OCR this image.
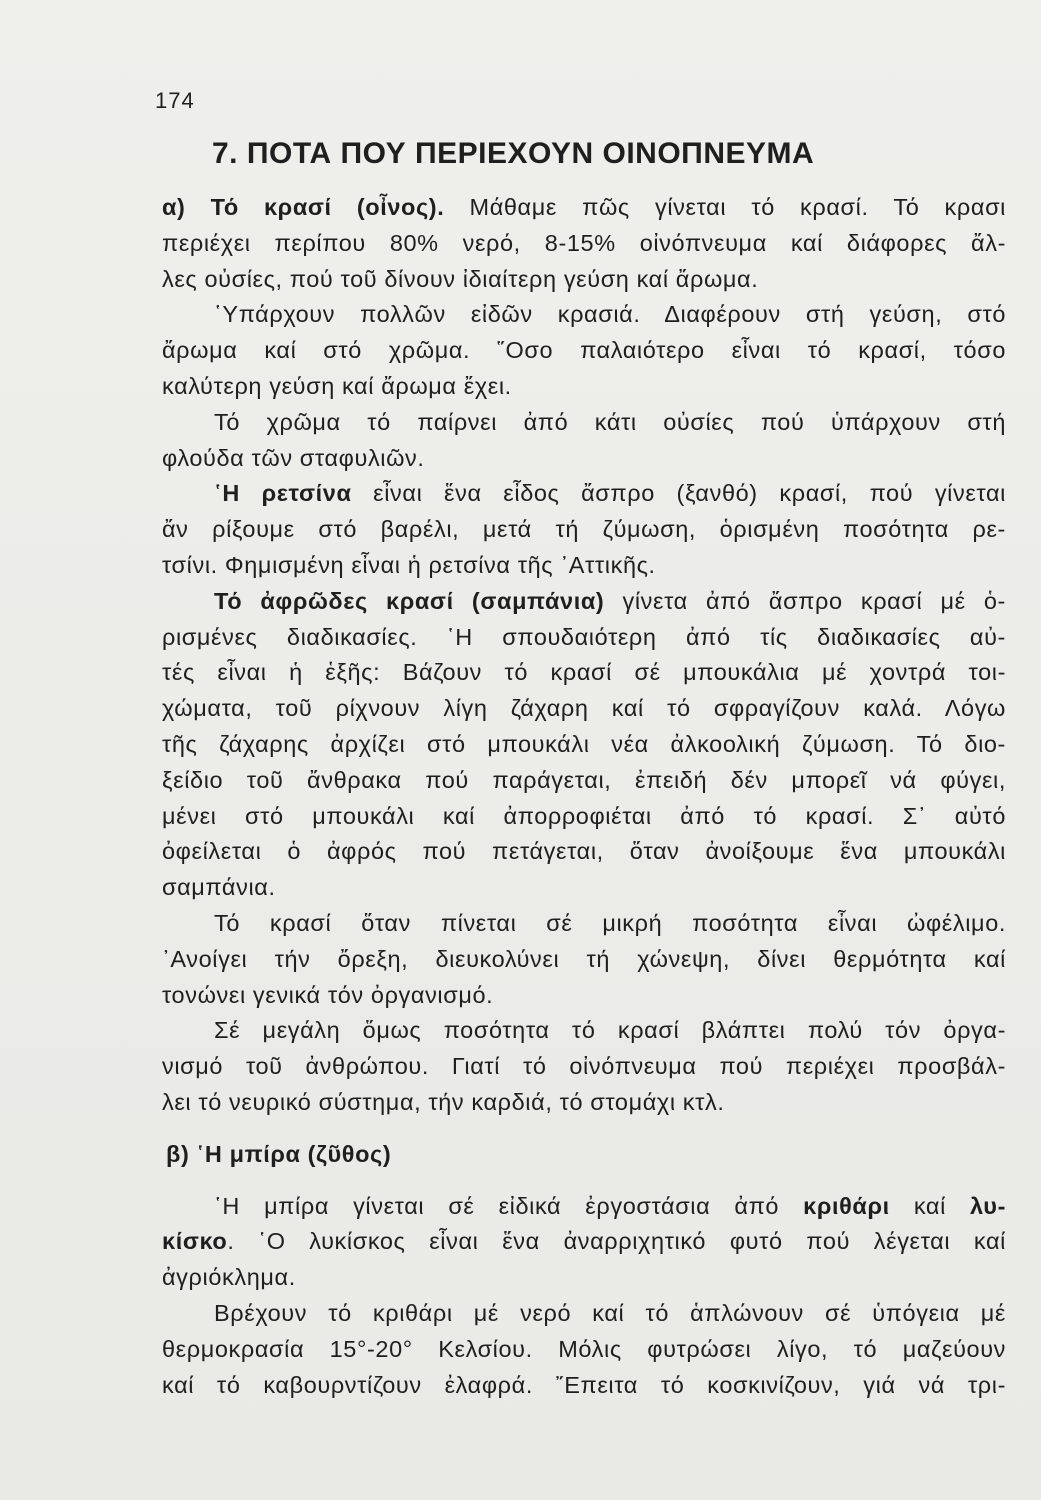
174
7. ΠΟΤΑ ΠΟΥ ΠΕΡΙΕΧΟΥΝ ΟΙΝΟΠΝΕΥΜΑ
α) Τό κρασί (οἶνος). Μάθαμε πῶς γίνεται τό κρασί. Τό κρασι
περιέχει περίπου 80% νερό, 8-15% οἰνόπνευμα καί διάφορες ἄλ-
λες οὐσίες, πού τοῦ δίνουν ἰδιαίτερη γεύση καί ἄρωμα.
῾Υπάρχουν πολλῶν εἰδῶν κρασιά. Διαφέρουν στή γεύση, στό
ἄρωμα καί στό χρῶμα. ῞Οσο παλαιότερο εἶναι τό κρασί, τόσο
καλύτερη γεύση καί ἄρωμα ἔχει.
Τό χρῶμα τό παίρνει ἀπό κάτι οὐσίες πού ὑπάρχουν στή
φλούδα τῶν σταφυλιῶν.
῾Η ρετσίνα εἶναι ἕνα εἶδος ἄσπρο (ξανθό) κρασί, πού γίνεται
ἄν ρίξουμε στό βαρέλι, μετά τή ζύμωση, ὁρισμένη ποσότητα ρε-
τσίνι. Φημισμένη εἶναι ἡ ρετσίνα τῆς ᾿Αττικῆς.
Τό ἀφρῶδες κρασί (σαμπάνια) γίνετα ἀπό ἄσπρο κρασί μέ ὁ-
ρισμένες διαδικασίες. ῾Η σπουδαιότερη ἀπό τίς διαδικασίες αὐ-
τές εἶναι ἡ ἑξῆς: Βάζουν τό κρασί σέ μπουκάλια μέ χοντρά τοι-
χώματα, τοῦ ρίχνουν λίγη ζάχαρη καί τό σφραγίζουν καλά. Λόγω
τῆς ζάχαρης ἀρχίζει στό μπουκάλι νέα ἀλκοολική ζύμωση. Τό διο-
ξείδιο τοῦ ἄνθρακα πού παράγεται, ἐπειδή δέν μπορεῖ νά φύγει,
μένει στό μπουκάλι καί ἀπορροφιέται ἀπό τό κρασί. Σ᾿ αὐτό
ὀφείλεται ὁ ἀφρός πού πετάγεται, ὅταν ἀνοίξουμε ἕνα μπουκάλι
σαμπάνια.
Τό κρασί ὅταν πίνεται σέ μικρή ποσότητα εἶναι ὠφέλιμο.
᾿Ανοίγει τήν ὄρεξη, διευκολύνει τή χώνεψη, δίνει θερμότητα καί
τονώνει γενικά τόν ὀργανισμό.
Σέ μεγάλη ὅμως ποσότητα τό κρασί βλάπτει πολύ τόν ὀργα-
νισμό τοῦ ἀνθρώπου. Γιατί τό οἰνόπνευμα πού περιέχει προσβάλ-
λει τό νευρικό σύστημα, τήν καρδιά, τό στομάχι κτλ.
β) ῾Η μπίρα (ζῦθος)
῾Η μπίρα γίνεται σέ εἰδικά ἐργοστάσια ἀπό κριθάρι καί λυ-
κίσκο. ῾Ο λυκίσκος εἶναι ἕνα ἀναρριχητικό φυτό πού λέγεται καί
ἀγριόκλημα.
Βρέχουν τό κριθάρι μέ νερό καί τό ἁπλώνουν σέ ὑπόγεια μέ
θερμοκρασία 15°-20° Κελσίου. Μόλις φυτρώσει λίγο, τό μαζεύουν
καί τό καβουρντίζουν ἐλαφρά. ῎Επειτα τό κοσκινίζουν, γιά νά τρι-
